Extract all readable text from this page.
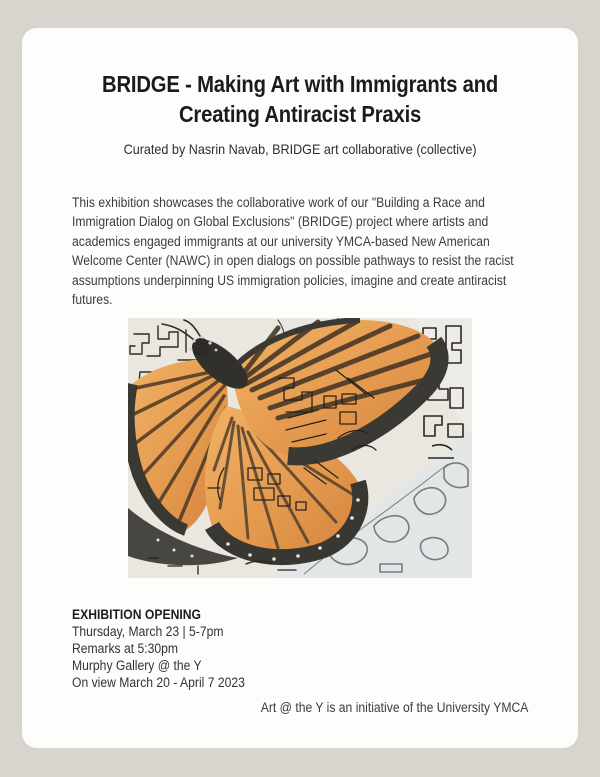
BRIDGE - Making Art with Immigrants and
Creating Antiracist Praxis
Curated by Nasrin Navab, BRIDGE art collaborative (collective)

This exhibition showcases the collaborative work of our "Building a Race and Immigration Dialog on Global Exclusions" (BRIDGE) project where artists and academics engaged immigrants at our university YMCA-based New American Welcome Center (NAWC) in open dialogs on possible pathways to resist the racist assumptions underpinning US immigration policies, imagine and create antiracist futures.

EXHIBITION OPENING
Thursday, March 23 | 5-7pm
Remarks at 5:30pm
Murphy Gallery @ the Y
On view March 20 - April 7 2023
Art @ the Y is an initiative of the University YMCA
